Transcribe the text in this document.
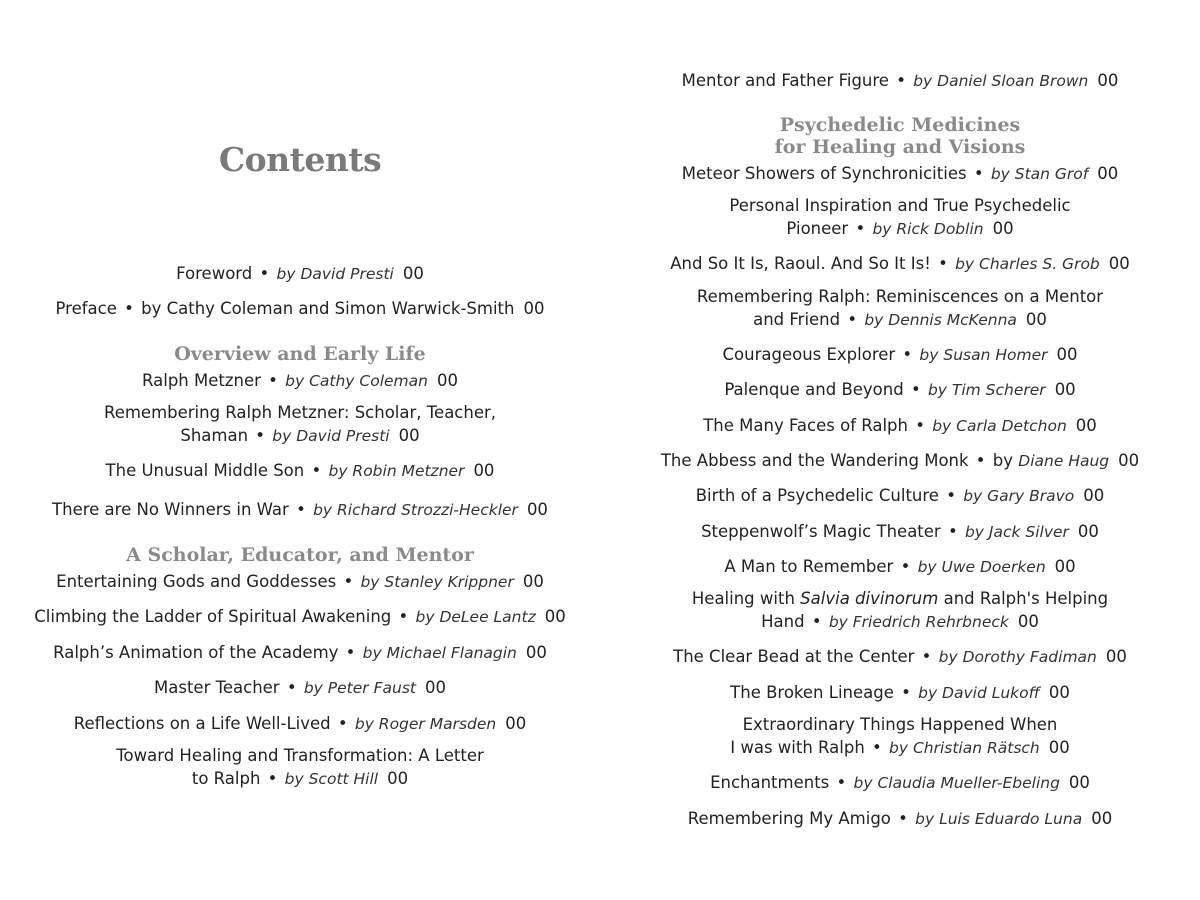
Contents
Foreword • by David Presti 00
Preface • by Cathy Coleman and Simon Warwick-Smith 00
Overview and Early Life
Ralph Metzner • by Cathy Coleman 00
Remembering Ralph Metzner: Scholar, Teacher,
Shaman • by David Presti 00
The Unusual Middle Son • by Robin Metzner 00
There are No Winners in War • by Richard Strozzi-Heckler 00
A Scholar, Educator, and Mentor
Entertaining Gods and Goddesses • by Stanley Krippner 00
Climbing the Ladder of Spiritual Awakening • by DeLee Lantz 00
Ralph’s Animation of the Academy • by Michael Flanagin 00
Master Teacher • by Peter Faust 00
Reflections on a Life Well-Lived • by Roger Marsden 00
Toward Healing and Transformation: A Letter
to Ralph • by Scott Hill 00
Mentor and Father Figure • by Daniel Sloan Brown 00
Psychedelic Medicines
for Healing and Visions
Meteor Showers of Synchronicities • by Stan Grof 00
Personal Inspiration and True Psychedelic
Pioneer • by Rick Doblin 00
And So It Is, Raoul. And So It Is! • by Charles S. Grob 00
Remembering Ralph: Reminiscences on a Mentor
and Friend • by Dennis McKenna 00
Courageous Explorer • by Susan Homer 00
Palenque and Beyond • by Tim Scherer 00
The Many Faces of Ralph • by Carla Detchon 00
The Abbess and the Wandering Monk • by Diane Haug 00
Birth of a Psychedelic Culture • by Gary Bravo 00
Steppenwolf’s Magic Theater • by Jack Silver 00
A Man to Remember • by Uwe Doerken 00
Healing with Salvia divinorum and Ralph's Helping
Hand • by Friedrich Rehrbneck 00
The Clear Bead at the Center • by Dorothy Fadiman 00
The Broken Lineage • by David Lukoff 00
Extraordinary Things Happened When
I was with Ralph • by Christian Rätsch 00
Enchantments • by Claudia Mueller-Ebeling 00
Remembering My Amigo • by Luis Eduardo Luna 00
